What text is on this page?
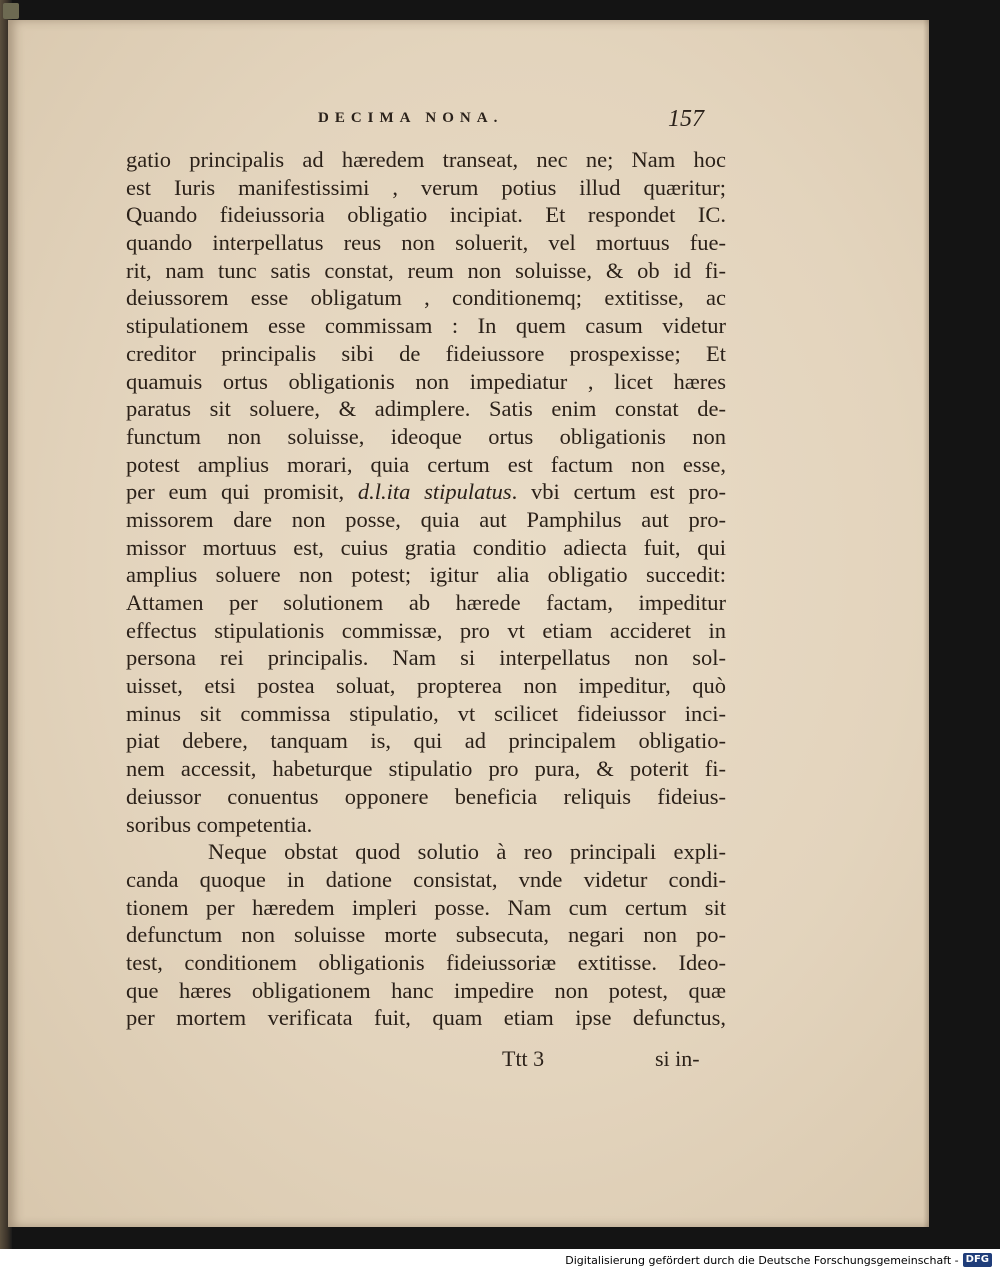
DECIMA NONA.	157
gatio principalis ad hæredem transeat, nec ne; Nam hoc
est Iuris manifestissimi , verum potius illud quæritur;
Quando fideiussoria obligatio incipiat. Et respondet IC.
quando interpellatus reus non soluerit, vel mortuus fue-
rit, nam tunc satis constat, reum non soluisse, & ob id fi-
deiussorem esse obligatum , conditionemq; extitisse, ac
stipulationem esse commissam : In quem casum videtur
creditor principalis sibi de fideiussore prospexisse; Et
quamuis ortus obligationis non impediatur , licet hæres
paratus sit soluere, & adimplere. Satis enim constat de-
functum non soluisse, ideoque ortus obligationis non
potest amplius morari, quia certum est factum non esse,
per eum qui promisit, d.l.ita stipulatus. vbi certum est pro-
missorem dare non posse, quia aut Pamphilus aut pro-
missor mortuus est, cuius gratia conditio adiecta fuit, qui
amplius soluere non potest; igitur alia obligatio succedit:
Attamen per solutionem ab hærede factam, impeditur
effectus stipulationis commissæ, pro vt etiam accideret in
persona rei principalis. Nam si interpellatus non sol-
uisset, etsi postea soluat, propterea non impeditur, quò
minus sit commissa stipulatio, vt scilicet fideiussor inci-
piat debere, tanquam is, qui ad principalem obligatio-
nem accessit, habeturque stipulatio pro pura, & poterit fi-
deiussor conuentus opponere beneficia reliquis fideius-
soribus competentia.
Neque obstat quod solutio à reo principali expli-
canda quoque in datione consistat, vnde videtur condi-
tionem per hæredem impleri posse. Nam cum certum sit
defunctum non soluisse morte subsecuta, negari non po-
test, conditionem obligationis fideiussoriæ extitisse. Ideo-
que hæres obligationem hanc impedire non potest, quæ
per mortem verificata fuit, quam etiam ipse defunctus,
Ttt 3	si in-
Digitalisierung gefördert durch die Deutsche Forschungsgemeinschaft - DFG
